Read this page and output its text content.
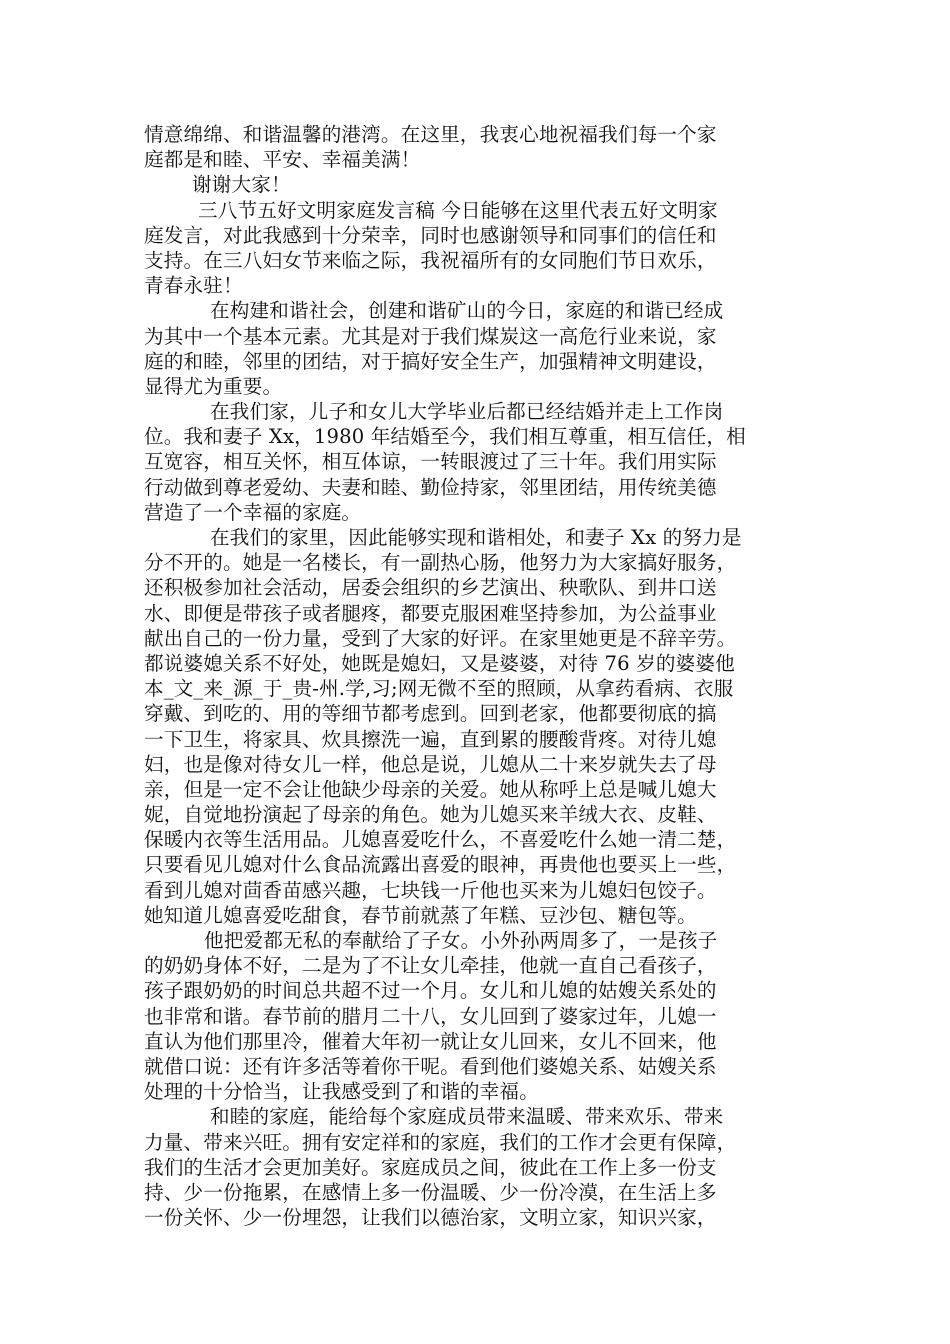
情意绵绵、和谐温馨的港湾。在这里，我衷心地祝福我们每一个家
庭都是和睦、平安、幸福美满！
谢谢大家！
三八节五好文明家庭发言稿 今日能够在这里代表五好文明家
庭发言，对此我感到十分荣幸，同时也感谢领导和同事们的信任和
支持。在三八妇女节来临之际，我祝福所有的女同胞们节日欢乐，
青春永驻！
在构建和谐社会，创建和谐矿山的今日，家庭的和谐已经成
为其中一个基本元素。尤其是对于我们煤炭这一高危行业来说，家
庭的和睦，邻里的团结，对于搞好安全生产，加强精神文明建设，
显得尤为重要。
在我们家，儿子和女儿大学毕业后都已经结婚并走上工作岗
位。我和妻子 Xx，1980 年结婚至今，我们相互尊重，相互信任，相
互宽容，相互关怀，相互体谅，一转眼渡过了三十年。我们用实际
行动做到尊老爱幼、夫妻和睦、勤俭持家，邻里团结，用传统美德
营造了一个幸福的家庭。
在我们的家里，因此能够实现和谐相处，和妻子 Xx 的努力是
分不开的。她是一名楼长，有一副热心肠，他努力为大家搞好服务，
还积极参加社会活动，居委会组织的乡艺演出、秧歌队、到井口送
水、即便是带孩子或者腿疼，都要克服困难坚持参加，为公益事业
献出自己的一份力量，受到了大家的好评。在家里她更是不辞辛劳。
都说婆媳关系不好处，她既是媳妇，又是婆婆，对待 76 岁的婆婆他
本_文_来_源_于_贵-州.学,习;网无微不至的照顾，从拿药看病、衣服
穿戴、到吃的、用的等细节都考虑到。回到老家，他都要彻底的搞
一下卫生，将家具、炊具擦洗一遍，直到累的腰酸背疼。对待儿媳
妇，也是像对待女儿一样，他总是说，儿媳从二十来岁就失去了母
亲，但是一定不会让他缺少母亲的关爱。她从称呼上总是喊儿媳大
妮，自觉地扮演起了母亲的角色。她为儿媳买来羊绒大衣、皮鞋、
保暖内衣等生活用品。儿媳喜爱吃什么，不喜爱吃什么她一清二楚，
只要看见儿媳对什么食品流露出喜爱的眼神，再贵他也要买上一些，
看到儿媳对茴香苗感兴趣，七块钱一斤他也买来为儿媳妇包饺子。
她知道儿媳喜爱吃甜食，春节前就蒸了年糕、豆沙包、糖包等。
他把爱都无私的奉献给了子女。小外孙两周多了，一是孩子
的奶奶身体不好，二是为了不让女儿牵挂，他就一直自己看孩子，
孩子跟奶奶的时间总共超不过一个月。女儿和儿媳的姑嫂关系处的
也非常和谐。春节前的腊月二十八，女儿回到了婆家过年，儿媳一
直认为他们那里冷，催着大年初一就让女儿回来，女儿不回来，他
就借口说：还有许多活等着你干呢。看到他们婆媳关系、姑嫂关系
处理的十分恰当，让我感受到了和谐的幸福。
和睦的家庭，能给每个家庭成员带来温暖、带来欢乐、带来
力量、带来兴旺。拥有安定祥和的家庭，我们的工作才会更有保障，
我们的生活才会更加美好。家庭成员之间，彼此在工作上多一份支
持、少一份拖累，在感情上多一份温暖、少一份冷漠，在生活上多
一份关怀、少一份埋怨，让我们以德治家，文明立家，知识兴家，
